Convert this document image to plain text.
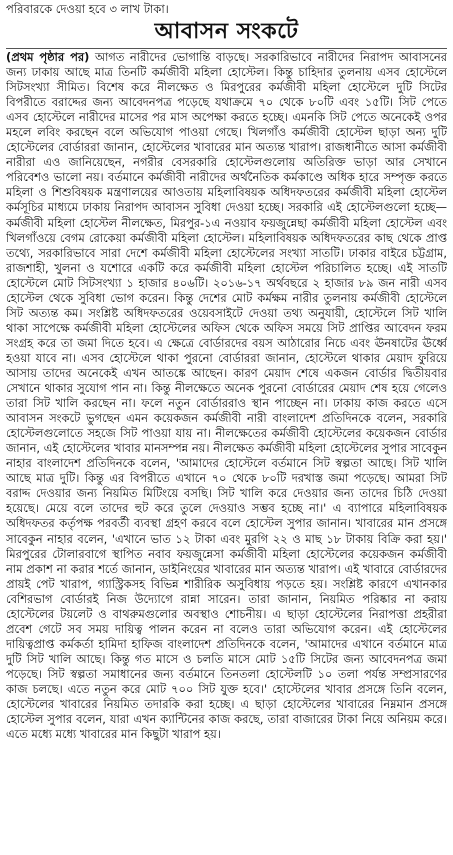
পরিবারকে দেওয়া হবে ৩ লাখ টাকা।
আবাসন সংকটে
(প্রথম পৃষ্ঠার পর) আগত নারীদের ভোগান্তি বাড়ছে। সরকারিভাবে নারীদের নিরাপদ আবাসনের জন্য ঢাকায় আছে মাত্র তিনটি কর্মজীবী মহিলা হোস্টেল। কিন্তু চাহিদার তুলনায় এসব হোস্টেলে সিটসংখ্যা সীমিত। বিশেষ করে নীলক্ষেত ও মিরপুরের কর্মজীবী মহিলা হোস্টেলে দুটি সিটের বিপরীতে বরাদ্দের জন্য আবেদনপত্র পড়েছে যথাক্রমে ৭০ থেকে ৮০টি এবং ১৫টি। সিট পেতে এসব হোস্টেলে নারীদের মাসের পর মাস অপেক্ষা করতে হচ্ছে। এমনকি সিট পেতে অনেকেই ওপর মহলে লবিং করছেন বলে অভিযোগ পাওয়া গেছে। খিলগাঁও কর্মজীবী হোস্টেল ছাড়া অন্য দুটি হোস্টেলের বোর্ডাররা জানান, হোস্টেলের খাবারের মান অত্যন্ত খারাপ। রাজধানীতে আসা কর্মজীবী নারীরা এও জানিয়েছেন, নগরীর বেসরকারি হোস্টেলগুলোয় অতিরিক্ত ভাড়া আর সেখানে পরিবেশও ভালো নয়। বর্তমানে কর্মজীবী নারীদের অর্থনৈতিক কর্মকাণ্ডে অধিক হারে সম্পৃক্ত করতে মহিলা ও শিশুবিষয়ক মন্ত্রণালয়ের আওতায় মহিলাবিষয়ক অধিদফতরের কর্মজীবী মহিলা হোস্টেল কর্মসূচির মাধ্যমে ঢাকায় নিরাপদ আবাসন সুবিধা দেওয়া হচ্ছে। সরকারি এই হোস্টেলগুলো হচ্ছে— কর্মজীবী মহিলা হোস্টেল নীলক্ষেত, মিরপুর-১এ নওয়াব ফয়জুন্নেছা কর্মজীবী মহিলা হোস্টেল এবং খিলগাঁওয়ে বেগম রোকেয়া কর্মজীবী মহিলা হোস্টেল। মহিলাবিষয়ক অধিদফতরের কাছ থেকে প্রাপ্ত তথ্যে, সরকারিভাবে সারা দেশে কর্মজীবী মহিলা হোস্টেলের সংখ্যা সাতটি। ঢাকার বাইরে চট্টগ্রাম, রাজশাহী, খুলনা ও যশোরে একটি করে কর্মজীবী মহিলা হোস্টেল পরিচালিত হচ্ছে। এই সাতটি হোস্টেলে মোট সিটসংখ্যা ১ হাজার ৪০৬টি। ২০১৬-১৭ অর্থবছরে ২ হাজার ৮৯ জন নারী এসব হোস্টেল থেকে সুবিধা ভোগ করেন। কিন্তু দেশের মোট কর্মক্ষম নারীর তুলনায় কর্মজীবী হোস্টেলে সিট অত্যন্ত কম। সংশ্লিষ্ট অধিদফতরের ওয়েবসাইটে দেওয়া তথ্য অনুযায়ী, হোস্টেলে সিট খালি থাকা সাপেক্ষে কর্মজীবী মহিলা হোস্টেলের অফিস থেকে অফিস সময়ে সিট প্রাপ্তির আবেদন ফরম সংগ্রহ করে তা জমা দিতে হবে। এ ক্ষেত্রে বোর্ডারদের বয়স আঠারোর নিচে এবং ঊনষাটের ঊর্ধ্বে হওয়া যাবে না। এসব হোস্টেলে থাকা পুরনো বোর্ডাররা জানান, হোস্টেলে থাকার মেয়াদ ফুরিয়ে আসায় তাদের অনেকেই এখন আতঙ্কে আছেন। কারণ মেয়াদ শেষে একজন বোর্ডার দ্বিতীয়বার সেখানে থাকার সুযোগ পান না। কিন্তু নীলক্ষেতে অনেক পুরনো বোর্ডারের মেয়াদ শেষ হয়ে গেলেও তারা সিট খালি করছেন না। ফলে নতুন বোর্ডাররাও স্থান পাচ্ছেন না। ঢাকায় কাজ করতে এসে আবাসন সংকটে ভুগছেন এমন কয়েকজন কর্মজীবী নারী বাংলাদেশ প্রতিদিনকে বলেন, সরকারি হোস্টেলগুলোতে সহজে সিট পাওয়া যায় না। নীলক্ষেতের কর্মজীবী হোস্টেলের কয়েকজন বোর্ডার জানান, এই হোস্টেলের খাবার মানসম্পন্ন নয়। নীলক্ষেত কর্মজীবী মহিলা হোস্টেলের সুপার সাবেকুন নাহার বাংলাদেশ প্রতিদিনকে বলেন, 'আমাদের হোস্টেলে বর্তমানে সিট স্বল্পতা আছে। সিট খালি আছে মাত্র দুটি। কিন্তু এর বিপরীতে এখানে ৭০ থেকে ৮০টি দরখাস্ত জমা পড়েছে। আমরা সিট বরাদ্দ দেওয়ার জন্য নিয়মিত মিটিংয়ে বসছি। সিট খালি করে দেওয়ার জন্য তাদের চিঠি দেওয়া হয়েছে। মেয়ে বলে তাদের হুট করে তুলে দেওয়াও সম্ভব হচ্ছে না।' এ ব্যাপারে মহিলাবিষয়ক অধিদফতর কর্তৃপক্ষ পরবর্তী ব্যবস্থা গ্রহণ করবে বলে হোস্টেল সুপার জানান। খাবারের মান প্রসঙ্গে সাবেকুন নাহার বলেন, 'এখানে ভাত ১২ টাকা এবং মুরগি ২২ ও মাছ ১৮ টাকায় বিক্রি করা হয়।' মিরপুরের টোলারবাগে স্থাপিত নবাব ফয়জুন্নেসা কর্মজীবী মহিলা হোস্টেলের কয়েকজন কর্মজীবী নাম প্রকাশ না করার শর্তে জানান, ডাইনিংয়ের খাবারের মান অত্যন্ত খারাপ। এই খাবারে বোর্ডারদের প্রায়ই পেট খারাপ, গ্যাস্ট্রিকসহ বিভিন্ন শারীরিক অসুবিধায় পড়তে হয়। সংশ্লিষ্ট কারণে এখানকার বেশিরভাগ বোর্ডারই নিজ উদ্যোগে রান্না সারেন। তারা জানান, নিয়মিত পরিষ্কার না করায় হোস্টেলের টয়লেট ও বাথরুমগুলোর অবস্থাও শোচনীয়। এ ছাড়া হোস্টেলের নিরাপত্তা প্রহরীরা প্রবেশ গেটে সব সময় দায়িত্ব পালন করেন না বলেও তারা অভিযোগ করেন। এই হোস্টেলের দায়িত্বপ্রাপ্ত কর্মকর্তা হামিদা হাফিজ বাংলাদেশ প্রতিদিনকে বলেন, 'আমাদের এখানে বর্তমানে মাত্র দুটি সিট খালি আছে। কিন্তু গত মাসে ও চলতি মাসে মোট ১৫টি সিটের জন্য আবেদনপত্র জমা পড়েছে। সিট স্বল্পতা সমাধানের জন্য বর্তমানে তিনতলা হোস্টেলটি ১০ তলা পর্যন্ত সম্প্রসারণের কাজ চলছে। এতে নতুন করে মোট ৭০০ সিট যুক্ত হবে।' হোস্টেলের খাবার প্রসঙ্গে তিনি বলেন, হোস্টেলের খাবারের নিয়মিত তদারকি করা হচ্ছে। এ ছাড়া হোস্টেলের খাবারের নিম্নমান প্রসঙ্গে হোস্টেল সুপার বলেন, যারা এখন ক্যান্টিনের কাজ করছে, তারা বাজারের টাকা নিয়ে অনিয়ম করে। এতে মধ্যে মধ্যে খাবারের মান কিছুটা খারাপ হয়।
